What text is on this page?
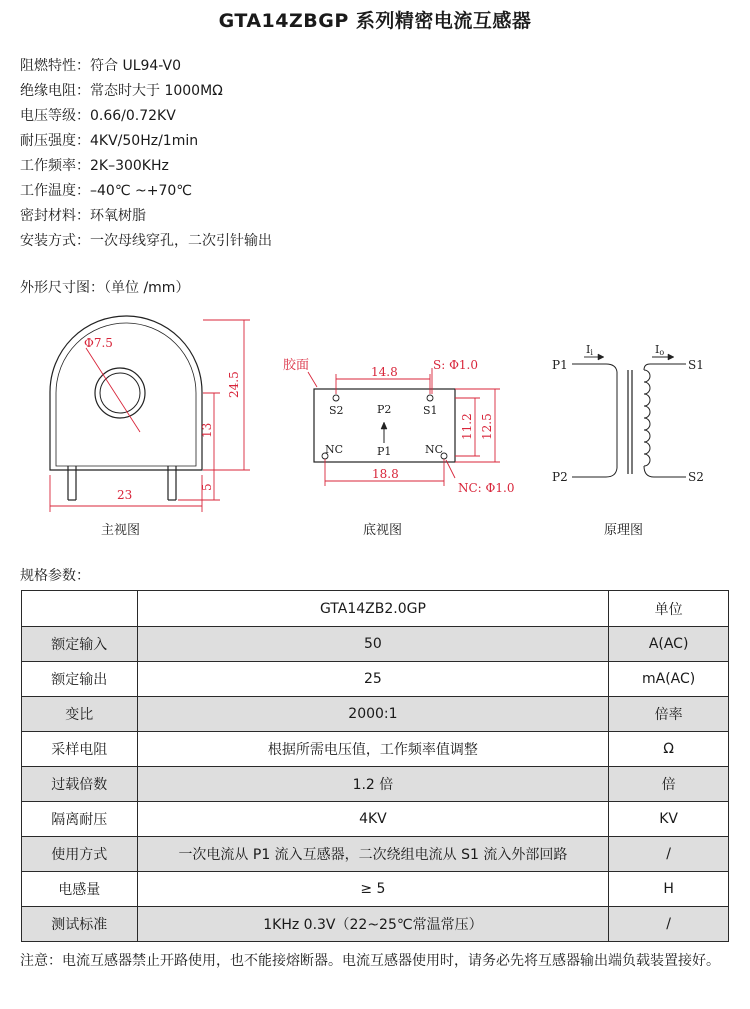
GTA14ZBGP 系列精密电流互感器
阻燃特性：符合 UL94-V0
绝缘电阻：常态时大于 1000MΩ
电压等级：0.66/0.72KV
耐压强度：4KV/50Hz/1min
工作频率：2K–300KHz
工作温度：–40℃ ~+70℃
密封材料：环氧树脂
安装方式：一次母线穿孔，二次引针输出
外形尺寸图：（单位 /mm）
Φ7.5
24.5
13
5
23
胶面	S: Φ1.0
14.8
18.8
11.2 12.5
NC: Φ1.0
S2	S1
P2
P1
NC	NC
P1
P2
S1
S2
Ii	Io
主视图	底视图	原理图
规格参数：
	GTA14ZB2.0GP	单位
额定输入	50	A(AC)
额定输出	25	mA(AC)
变比	2000:1	倍率
采样电阻	根据所需电压值，工作频率值调整	Ω
过载倍数	1.2 倍	倍
隔离耐压	4KV	KV
使用方式	一次电流从 P1 流入互感器，二次绕组电流从 S1 流入外部回路	/
电感量	≥ 5	H
测试标准	1KHz 0.3V（22~25℃常温常压）	/
注意：电流互感器禁止开路使用，也不能接熔断器。电流互感器使用时，请务必先将互感器输出端负载装置接好。
